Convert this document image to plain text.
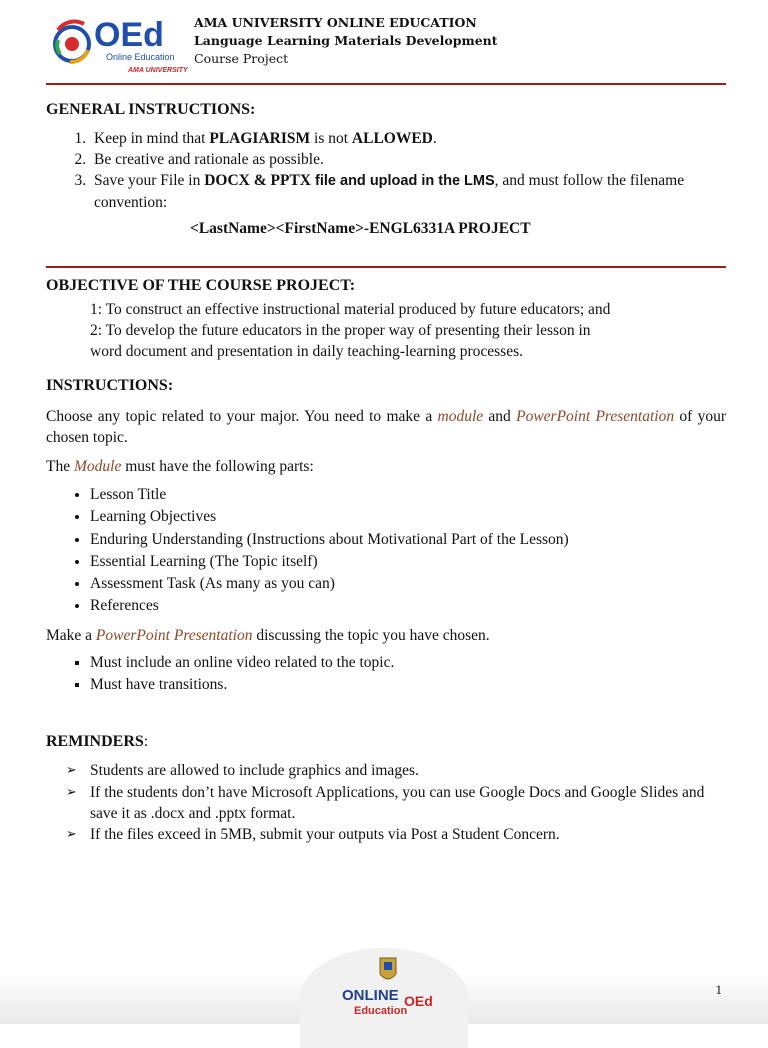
OEd
Online Education
AMA UNIVERSITY
AMA UNIVERSITY ONLINE EDUCATION
Language Learning Materials Development
Course Project
GENERAL INSTRUCTIONS:
1. Keep in mind that PLAGIARISM is not ALLOWED.
2. Be creative and rationale as possible.
3. Save your File in DOCX & PPTX file and upload in the LMS, and must follow the filename convention:
<LastName><FirstName>-ENGL6331A PROJECT
OBJECTIVE OF THE COURSE PROJECT:
1: To construct an effective instructional material produced by future educators; and
2: To develop the future educators in the proper way of presenting their lesson in
word document and presentation in daily teaching-learning processes.
INSTRUCTIONS:
Choose any topic related to your major. You need to make a module and PowerPoint Presentation of your chosen topic.
The Module must have the following parts:
• Lesson Title
• Learning Objectives
• Enduring Understanding (Instructions about Motivational Part of the Lesson)
• Essential Learning (The Topic itself)
• Assessment Task (As many as you can)
• References
Make a PowerPoint Presentation discussing the topic you have chosen.
▪ Must include an online video related to the topic.
▪ Must have transitions.
REMINDERS:
➢ Students are allowed to include graphics and images.
➢ If the students don’t have Microsoft Applications, you can use Google Docs and Google Slides and save it as .docx and .pptx format.
➢ If the files exceed in 5MB, submit your outputs via Post a Student Concern.
ONLINE
Education
OEd
1
